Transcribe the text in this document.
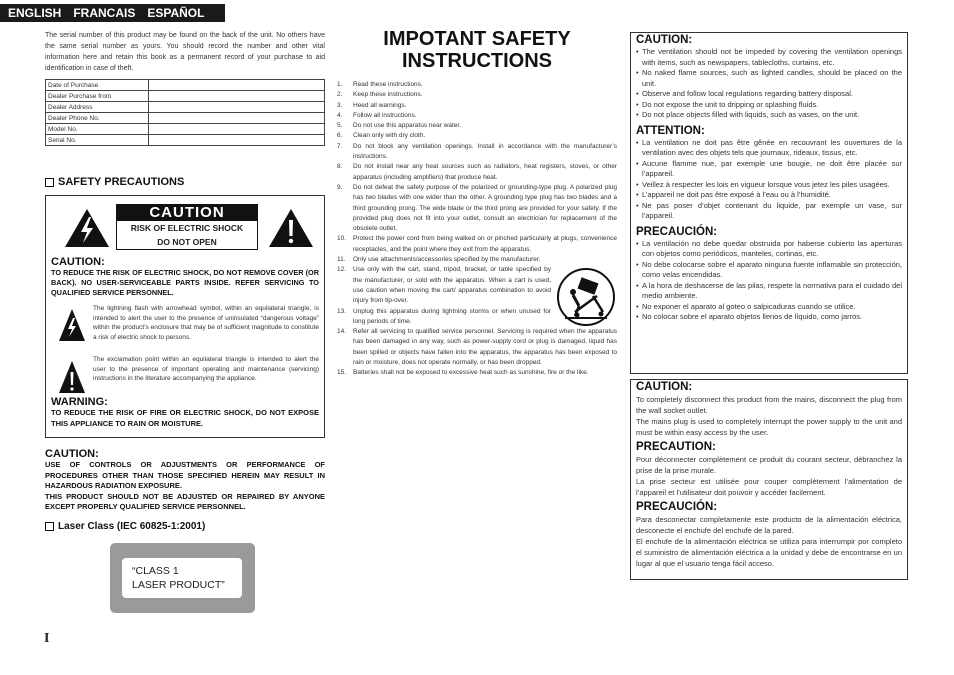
ENGLISH FRANCAIS ESPAÑOL

The serial number of this product may be found on the back of the unit. No others have the same serial number as yours. You should record the number and other vital information here and retain this book as a permanent record of your purchase to aid identification in case of theft.

Date of Purchase	
Dealer Purchase from	
Dealer Address	
Dealer Phone No.	
Model No.	
Serial No.	

SAFETY PRECAUTIONS

CAUTION
RISK OF ELECTRIC SHOCK
DO NOT OPEN

CAUTION:

TO REDUCE THE RISK OF ELECTRIC SHOCK, DO NOT REMOVE COVER (OR BACK). NO USER-SERVICEABLE PARTS INSIDE. REFER SERVICING TO QUALIFIED SERVICE PERSONNEL.

The lightning flash with arrowhead symbol, within an equilateral triangle, is intended to alert the user to the presence of uninsulated “dangerous voltage” within the product’s enclosure that may be of sufficient magnitude to constitute a risk of electric shock to persons.

The exclamation point within an equilateral triangle is intended to alert the user to the presence of important operating and maintenance (servicing) instructions in the literature accompanying the appliance.

WARNING:

TO REDUCE THE RISK OF FIRE OR ELECTRIC SHOCK, DO NOT EXPOSE THIS APPLIANCE TO RAIN OR MOISTURE.

CAUTION:

USE OF CONTROLS OR ADJUSTMENTS OR PERFORMANCE OF PROCEDURES OTHER THAN THOSE SPECIFIED HEREIN MAY RESULT IN HAZARDOUS RADIATION EXPOSURE.

THIS PRODUCT SHOULD NOT BE ADJUSTED OR REPAIRED BY ANYONE EXCEPT PROPERLY QUALIFIED SERVICE PERSONNEL.

Laser Class (IEC 60825-1:2001)

“CLASS 1
LASER PRODUCT”
I

IMPOTANT SAFETY
INSTRUCTIONS

1.	Read these instructions.
2.	Keep these instructions.
3.	Heed all warnings.
4.	Follow all instructions.
5.	Do not use this apparatus near water.
6.	Clean only with dry cloth.
7.	Do not block any ventilation openings. Install in accordance with the manufacturer’s instructions.
8.	Do not install near any heat sources such as radiators, heat registers, stoves, or other apparatus (including amplifiers) that produce heat.
9.	Do not defeat the safety purpose of the polarized or grounding-type plug. A polarized plug has two blades with one wider than the other. A grounding type plug has two blades and a third grounding prong. The wide blade or the third prong are provided for your safety. If the provided plug does not fit into your outlet, consult an electrician for replacement of the obsolete outlet.
10.	Protect the power cord from being walked on or pinched particularly at plugs, convenience receptacles, and the point where they exit from the apparatus.
11.	Only use attachments/accessories specified by the manufacturer.
12.	Use only with the cart, stand, tripod, bracket, or table specified by the manufacturer, or sold with the apparatus. When a cart is used, use caution when moving the cart/ apparatus combination to avoid injury from tip-over.
13.	Unplug this apparatus during lightning storms or when unused for long periods of time.
14.	Refer all servicing to qualified service personnel. Servicing is required when the apparatus has been damaged in any way, such as power-supply cord or plug is damaged, liquid has been spilled or objects have fallen into the apparatus, the apparatus has been exposed to rain or moisture, does not operate normally, or has been dropped.
15.	Batteries shall not be exposed to excessive heat such as sunshine, fire or the like.

CAUTION:

• The ventilation should not be impeded by covering the ventilation openings with items, such as newspapers, tablecloths, curtains, etc.
• No naked flame sources, such as lighted candles, should be placed on the unit.
• Observe and follow local regulations regarding battery disposal.
• Do not expose the unit to dripping or splashing fluids.
• Do not place objects filled with liquids, such as vases, on the unit.

ATTENTION:

• La ventilation ne doit pas être gênée en recouvrant les ouvertures de la ventilation avec des objets tels que journaux, rideaux, tissus, etc.
• Aucune flamme nue, par exemple une bougie, ne doit être placée sur l’appareil.
• Veillez à respecter les lois en vigueur lorsque vous jetez les piles usagées.
• L’appareil ne doit pas être exposé à l’eau ou à l’humidité.
• Ne pas poser d’objet contenant du liquide, par exemple un vase, sur l’appareil.

PRECAUCIÓN:

• La ventilación no debe quedar obstruida por haberse cubierto las aperturas con objetos como periódicos, manteles, cortinas, etc.
• No debe colocarse sobre el aparato ninguna fuente inflamable sin protección, como velas encendidas.
• A la hora de deshacerse de las pilas, respete la normativa para el cuidado del medio ambiente.
• No exponer el aparato al goteo o salpicaduras cuando se utilice.
• No colocar sobre el aparato objetos llenos de líquido, como jarros.

CAUTION:

To completely disconnect this product from the mains, disconnect the plug from the wall socket outlet.

The mains plug is used to completely interrupt the power supply to the unit and must be within easy access by the user.

PRECAUTION:

Pour déconnecter complètement ce produit du courant secteur, débranchez la prise de la prise murale.

La prise secteur est utilisée pour couper complètement l’alimentation de l’appareil et l’utilisateur doit pouvoir y accéder facilement.

PRECAUCIÓN:

Para desconectar completamente este producto de la alimentación eléctrica, desconecte el enchufe del enchufe de la pared.

El enchufe de la alimentación eléctrica se utiliza para interrumpir por completo el suministro de alimentación eléctrica a la unidad y debe de encontrarse en un lugar al que el usuario tenga fácil acceso.
